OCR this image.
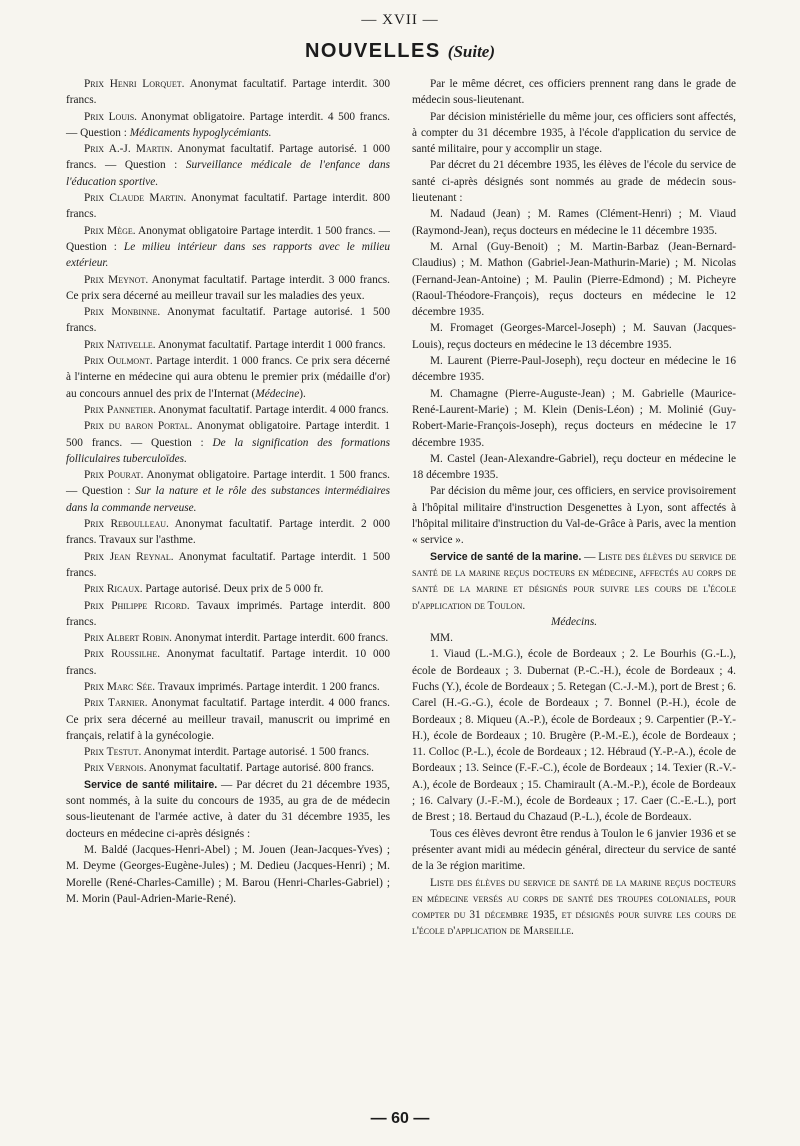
— XVII —
NOUVELLES (Suite)

Prix Henri Lorquet. Anonymat facultatif. Partage interdit. 300 francs.

Prix Louis. Anonymat obligatoire. Partage interdit. 4 500 francs. — Question : Médicaments hypoglycémiants.

Prix A.-J. Martin. Anonymat facultatif. Partage autorisé. 1 000 francs. — Question : Surveillance médicale de l'enfance dans l'éducation sportive.

Prix Claude Martin. Anonymat facultatif. Partage interdit. 800 francs.

Prix Mège. Anonymat obligatoire Partage interdit. 1 500 francs. — Question : Le milieu intérieur dans ses rapports avec le milieu extérieur.

Prix Meynot. Anonymat facultatif. Partage interdit. 3 000 francs. Ce prix sera décerné au meilleur travail sur les maladies des yeux.

Prix Monbinne. Anonymat facultatif. Partage autorisé. 1 500 francs.

Prix Nativelle. Anonymat facultatif. Partage interdit 1 000 francs.

Prix Oulmont. Partage interdit. 1 000 francs. Ce prix sera décerné à l'interne en médecine qui aura obtenu le premier prix (médaille d'or) au concours annuel des prix de l'Internat (Médecine).

Prix Pannetier. Anonymat facultatif. Partage interdit. 4 000 francs.

Prix du baron Portal. Anonymat obligatoire. Partage interdit. 1 500 francs. — Question : De la signification des formations folliculaires tuberculoïdes.

Prix Pourat. Anonymat obligatoire. Partage interdit. 1 500 francs. — Question : Sur la nature et le rôle des substances intermédiaires dans la commande nerveuse.

Prix Reboulleau. Anonymat facultatif. Partage interdit. 2 000 francs. Travaux sur l'asthme.

Prix Jean Reynal. Anonymat facultatif. Partage interdit. 1 500 francs.

Prix Ricaux. Partage autorisé. Deux prix de 5 000 fr.

Prix Philippe Ricord. Tavaux imprimés. Partage interdit. 800 francs.

Prix Albert Robin. Anonymat interdit. Partage interdit. 600 francs.

Prix Roussilhe. Anonymat facultatif. Partage interdit. 10 000 francs.

Prix Marc Sée. Travaux imprimés. Partage interdit. 1 200 francs.

Prix Tarnier. Anonymat facultatif. Partage interdit. 4 000 francs. Ce prix sera décerné au meilleur travail, manuscrit ou imprimé en français, relatif à la gynécologie.

Prix Testut. Anonymat interdit. Partage autorisé. 1 500 francs.

Prix Vernois. Anonymat facultatif. Partage autorisé. 800 francs.

Service de santé militaire. — Par décret du 21 décembre 1935, sont nommés, à la suite du concours de 1935, au gra de de médecin sous-lieutenant de l'armée active, à dater du 31 décembre 1935, les docteurs en médecine ci-après désignés :

M. Baldé (Jacques-Henri-Abel) ; M. Jouen (Jean-Jacques-Yves) ; M. Deyme (Georges-Eugène-Jules) ; M. Dedieu (Jacques-Henri) ; M. Morelle (René-Charles-Camille) ; M. Barou (Henri-Charles-Gabriel) ; M. Morin (Paul-Adrien-Marie-René).

Par le même décret, ces officiers prennent rang dans le grade de médecin sous-lieutenant.

Par décision ministérielle du même jour, ces officiers sont affectés, à compter du 31 décembre 1935, à l'école d'application du service de santé militaire, pour y accomplir un stage.

Par décret du 21 décembre 1935, les élèves de l'école du service de santé ci-après désignés sont nommés au grade de médecin sous-lieutenant :

M. Nadaud (Jean) ; M. Rames (Clément-Henri) ; M. Viaud (Raymond-Jean), reçus docteurs en médecine le 11 décembre 1935.

M. Arnal (Guy-Benoit) ; M. Martin-Barbaz (Jean-Bernard-Claudius) ; M. Mathon (Gabriel-Jean-Mathurin-Marie) ; M. Nicolas (Fernand-Jean-Antoine) ; M. Paulin (Pierre-Edmond) ; M. Picheyre (Raoul-Théodore-François), reçus docteurs en médecine le 12 décembre 1935.

M. Fromaget (Georges-Marcel-Joseph) ; M. Sauvan (Jacques-Louis), reçus docteurs en médecine le 13 décembre 1935.

M. Laurent (Pierre-Paul-Joseph), reçu docteur en médecine le 16 décembre 1935.

M. Chamagne (Pierre-Auguste-Jean) ; M. Gabrielle (Maurice-René-Laurent-Marie) ; M. Klein (Denis-Léon) ; M. Molinié (Guy-Robert-Marie-François-Joseph), reçus docteurs en médecine le 17 décembre 1935.

M. Castel (Jean-Alexandre-Gabriel), reçu docteur en médecine le 18 décembre 1935.

Par décision du même jour, ces officiers, en service provisoirement à l'hôpital militaire d'instruction Desgenettes à Lyon, sont affectés à l'hôpital militaire d'instruction du Val-de-Grâce à Paris, avec la mention « service ».

Service de santé de la marine. — Liste des élèves du service de santé de la marine reçus docteurs en médecine, affectés au corps de santé de la marine et désignés pour suivre les cours de l'école d'application de Toulon.

Médecins.

MM.

1. Viaud (L.-M.G.), école de Bordeaux ; 2. Le Bourhis (G.-L.), école de Bordeaux ; 3. Dubernat (P.-C.-H.), école de Bordeaux ; 4. Fuchs (Y.), école de Bordeaux ; 5. Retegan (C.-J.-M.), port de Brest ; 6. Carel (H.-G.-G.), école de Bordeaux ; 7. Bonnel (P.-H.), école de Bordeaux ; 8. Miqueu (A.-P.), école de Bordeaux ; 9. Carpentier (P.-Y.-H.), école de Bordeaux ; 10. Brugère (P.-M.-E.), école de Bordeaux ; 11. Colloc (P.-L.), école de Bordeaux ; 12. Hébraud (Y.-P.-A.), école de Bordeaux ; 13. Seince (F.-F.-C.), école de Bordeaux ; 14. Texier (R.-V.-A.), école de Bordeaux ; 15. Chamirault (A.-M.-P.), école de Bordeaux ; 16. Calvary (J.-F.-M.), école de Bordeaux ; 17. Caer (C.-E.-L.), port de Brest ; 18. Bertaud du Chazaud (P.-L.), école de Bordeaux.

Tous ces élèves devront être rendus à Toulon le 6 janvier 1936 et se présenter avant midi au médecin général, directeur du service de santé de la 3e région maritime.

Liste des élèves du service de santé de la marine reçus docteurs en médecine versés au corps de santé des troupes coloniales, pour compter du 31 décembre 1935, et désignés pour suivre les cours de l'école d'application de Marseille.

— 60 —
